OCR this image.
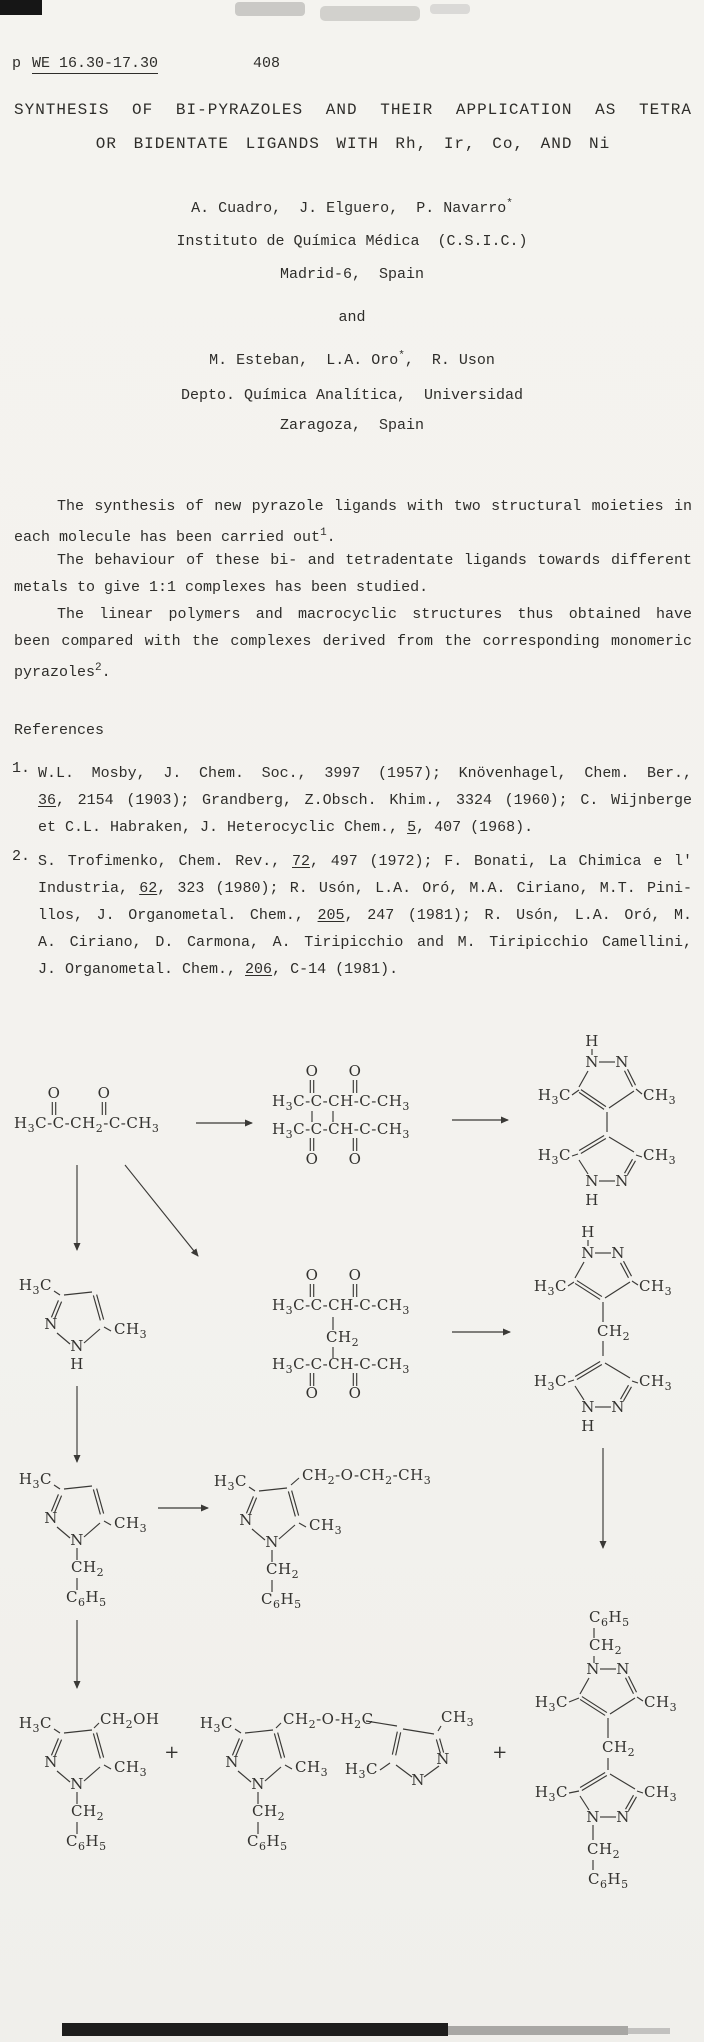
p WE 16.30-17.30	408
SYNTHESIS OF BI-PYRAZOLES AND THEIR APPLICATION AS TETRA
OR BIDENTATE LIGANDS WITH Rh, Ir, Co, AND Ni
A. Cuadro,  J. Elguero,  P. Navarro*
Instituto de Química Médica  (C.S.I.C.)
Madrid-6,  Spain
and
M. Esteban,  L.A. Oro*,  R. Uson
Depto. Química Analítica,  Universidad
Zaragoza,  Spain
The synthesis of new pyrazole ligands with two structural moieties in
each molecule has been carried out$^1$.
The behaviour of these bi- and tetradentate ligands towards different
metals to give 1:1 complexes has been studied.
The linear polymers and macrocyclic structures thus obtained have
been compared with the complexes derived from the corresponding monomeric
pyrazoles$^2$.
References
1. W.L. Mosby, J. Chem. Soc., 3997 (1957); Knövenhagel, Chem. Ber.,
36, 2154 (1903); Grandberg, Z.Obsch. Khim., 3324 (1960); C. Wijnberge
et C.L. Habraken, J. Heterocyclic Chem., 5, 407 (1968).
2. S. Trofimenko, Chem. Rev., 72, 497 (1972); F. Bonati, La Chimica e l'
Industria, 62, 323 (1980); R. Usón, L.A. Oró, M.A. Ciriano, M.T. Pini-
llos, J. Organometal. Chem., 205, 247 (1981); R. Usón, L.A. Oró, M.
A. Ciriano, D. Carmona, A. Tiripicchio and M. Tiripicchio Camellini,
J. Organometal. Chem., 206, C-14 (1981).
O O
$H_3C-C-CH_2-C-CH_3$
O O
$H_3C-C-CH-C-CH_3$
$H_3C-C-CH-C-CH_3$
O O
H
N N
$H_3C$	$CH_3$
$H_3C$	$CH_3$
N N
H
$H_3C$
N
N
H
$CH_3$
O O
$H_3C-C-CH-C-CH_3$
$CH_2$
$H_3C-C-CH-C-CH_3$
O O
H
N N
$H_3C$	$CH_3$
$CH_2$
$H_3C$	$CH_3$
N N
H
$H_3C$
N
N
$CH_3$
$CH_2$
$C_6H_5$
$H_3C$	$CH_2-O-CH_2-CH_3$
N
N
$CH_3$
$CH_2$
$C_6H_5$
$H_3C$	$CH_2OH$
N
N
$CH_3$
$CH_2$
$C_6H_5$
+
$H_3C$	$CH_2-O-H_2C$
N
N
$CH_3$
$CH_2$
$C_6H_5$
$CH_3$
$H_3C$
N
N
+
$C_6H_5$
$CH_2$
N N
$H_3C$	$CH_3$
$CH_2$
$H_3C$	$CH_3$
N N
$CH_2$
$C_6H_5$
